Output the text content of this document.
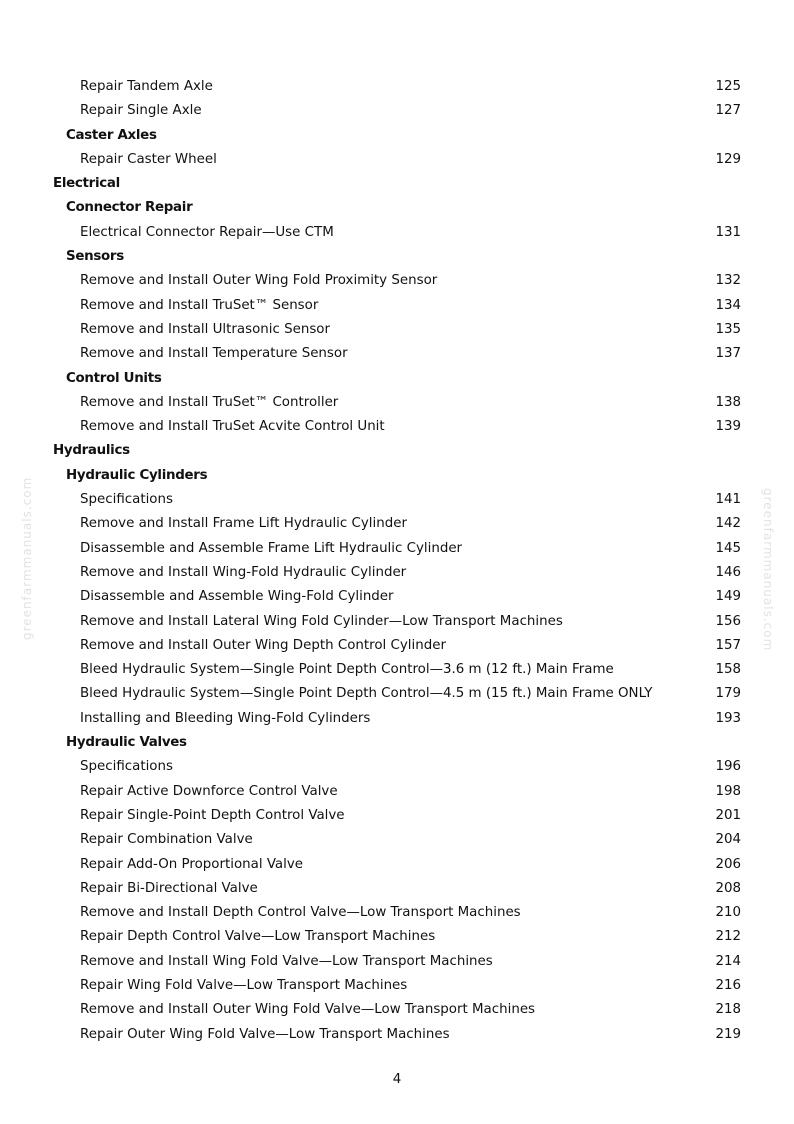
greenfarmmanuals.com	greenfarmmanuals.com
Repair Tandem Axle	125
Repair Single Axle	127
Caster Axles
Repair Caster Wheel	129
Electrical
Connector Repair
Electrical Connector Repair—Use CTM	131
Sensors
Remove and Install Outer Wing Fold Proximity Sensor	132
Remove and Install TruSet™ Sensor	134
Remove and Install Ultrasonic Sensor	135
Remove and Install Temperature Sensor	137
Control Units
Remove and Install TruSet™ Controller	138
Remove and Install TruSet Acvite Control Unit	139
Hydraulics
Hydraulic Cylinders
Specifications	141
Remove and Install Frame Lift Hydraulic Cylinder	142
Disassemble and Assemble Frame Lift Hydraulic Cylinder	145
Remove and Install Wing-Fold Hydraulic Cylinder	146
Disassemble and Assemble Wing-Fold Cylinder	149
Remove and Install Lateral Wing Fold Cylinder—Low Transport Machines	156
Remove and Install Outer Wing Depth Control Cylinder	157
Bleed Hydraulic System—Single Point Depth Control—3.6 m (12 ft.) Main Frame	158
Bleed Hydraulic System—Single Point Depth Control—4.5 m (15 ft.) Main Frame ONLY	179
Installing and Bleeding Wing-Fold Cylinders	193
Hydraulic Valves
Specifications	196
Repair Active Downforce Control Valve	198
Repair Single-Point Depth Control Valve	201
Repair Combination Valve	204
Repair Add-On Proportional Valve	206
Repair Bi-Directional Valve	208
Remove and Install Depth Control Valve—Low Transport Machines	210
Repair Depth Control Valve—Low Transport Machines	212
Remove and Install Wing Fold Valve—Low Transport Machines	214
Repair Wing Fold Valve—Low Transport Machines	216
Remove and Install Outer Wing Fold Valve—Low Transport Machines	218
Repair Outer Wing Fold Valve—Low Transport Machines	219
4
